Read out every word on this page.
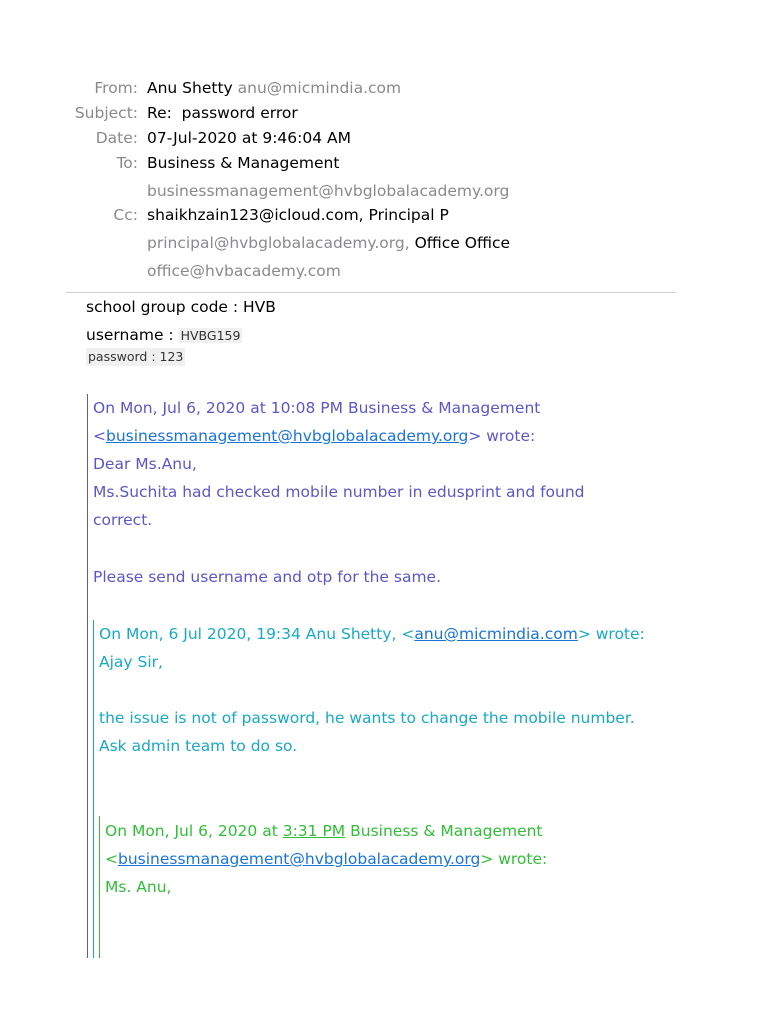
From: Anu Shetty anu@micmindia.com
Subject: Re:  password error
Date: 07-Jul-2020 at 9:46:04 AM
To: Business & Management
businessmanagement@hvbglobalacademy.org
Cc: shaikhzain123@icloud.com, Principal P
principal@hvbglobalacademy.org, Office Office
office@hvbacademy.com
school group code : HVB
username : HVBG159
password : 123
On Mon, Jul 6, 2020 at 10:08 PM Business & Management
<businessmanagement@hvbglobalacademy.org> wrote:
Dear Ms.Anu,
Ms.Suchita had checked mobile number in edusprint and found
correct.
Please send username and otp for the same.
On Mon, 6 Jul 2020, 19:34 Anu Shetty, <anu@micmindia.com> wrote:
Ajay Sir,
the issue is not of password, he wants to change the mobile number.
Ask admin team to do so.
On Mon, Jul 6, 2020 at 3:31 PM Business & Management
<businessmanagement@hvbglobalacademy.org> wrote:
Ms. Anu,
